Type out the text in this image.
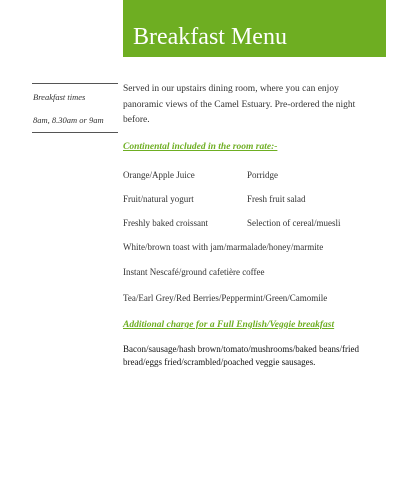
Breakfast Menu
Breakfast times
8am, 8.30am or 9am
Served in our upstairs dining room, where you can enjoy panoramic views of the Camel Estuary. Pre-ordered the night before.
Continental included in the room rate:-
Orange/Apple Juice	Porridge
Fruit/natural yogurt	Fresh fruit salad
Freshly baked croissant	Selection of cereal/muesli
White/brown toast with jam/marmalade/honey/marmite
Instant Nescafé/ground cafetière coffee
Tea/Earl Grey/Red Berries/Peppermint/Green/Camomile
Additional charge for a Full English/Veggie breakfast
Bacon/sausage/hash brown/tomato/mushrooms/baked beans/fried bread/eggs fried/scrambled/poached veggie sausages.
